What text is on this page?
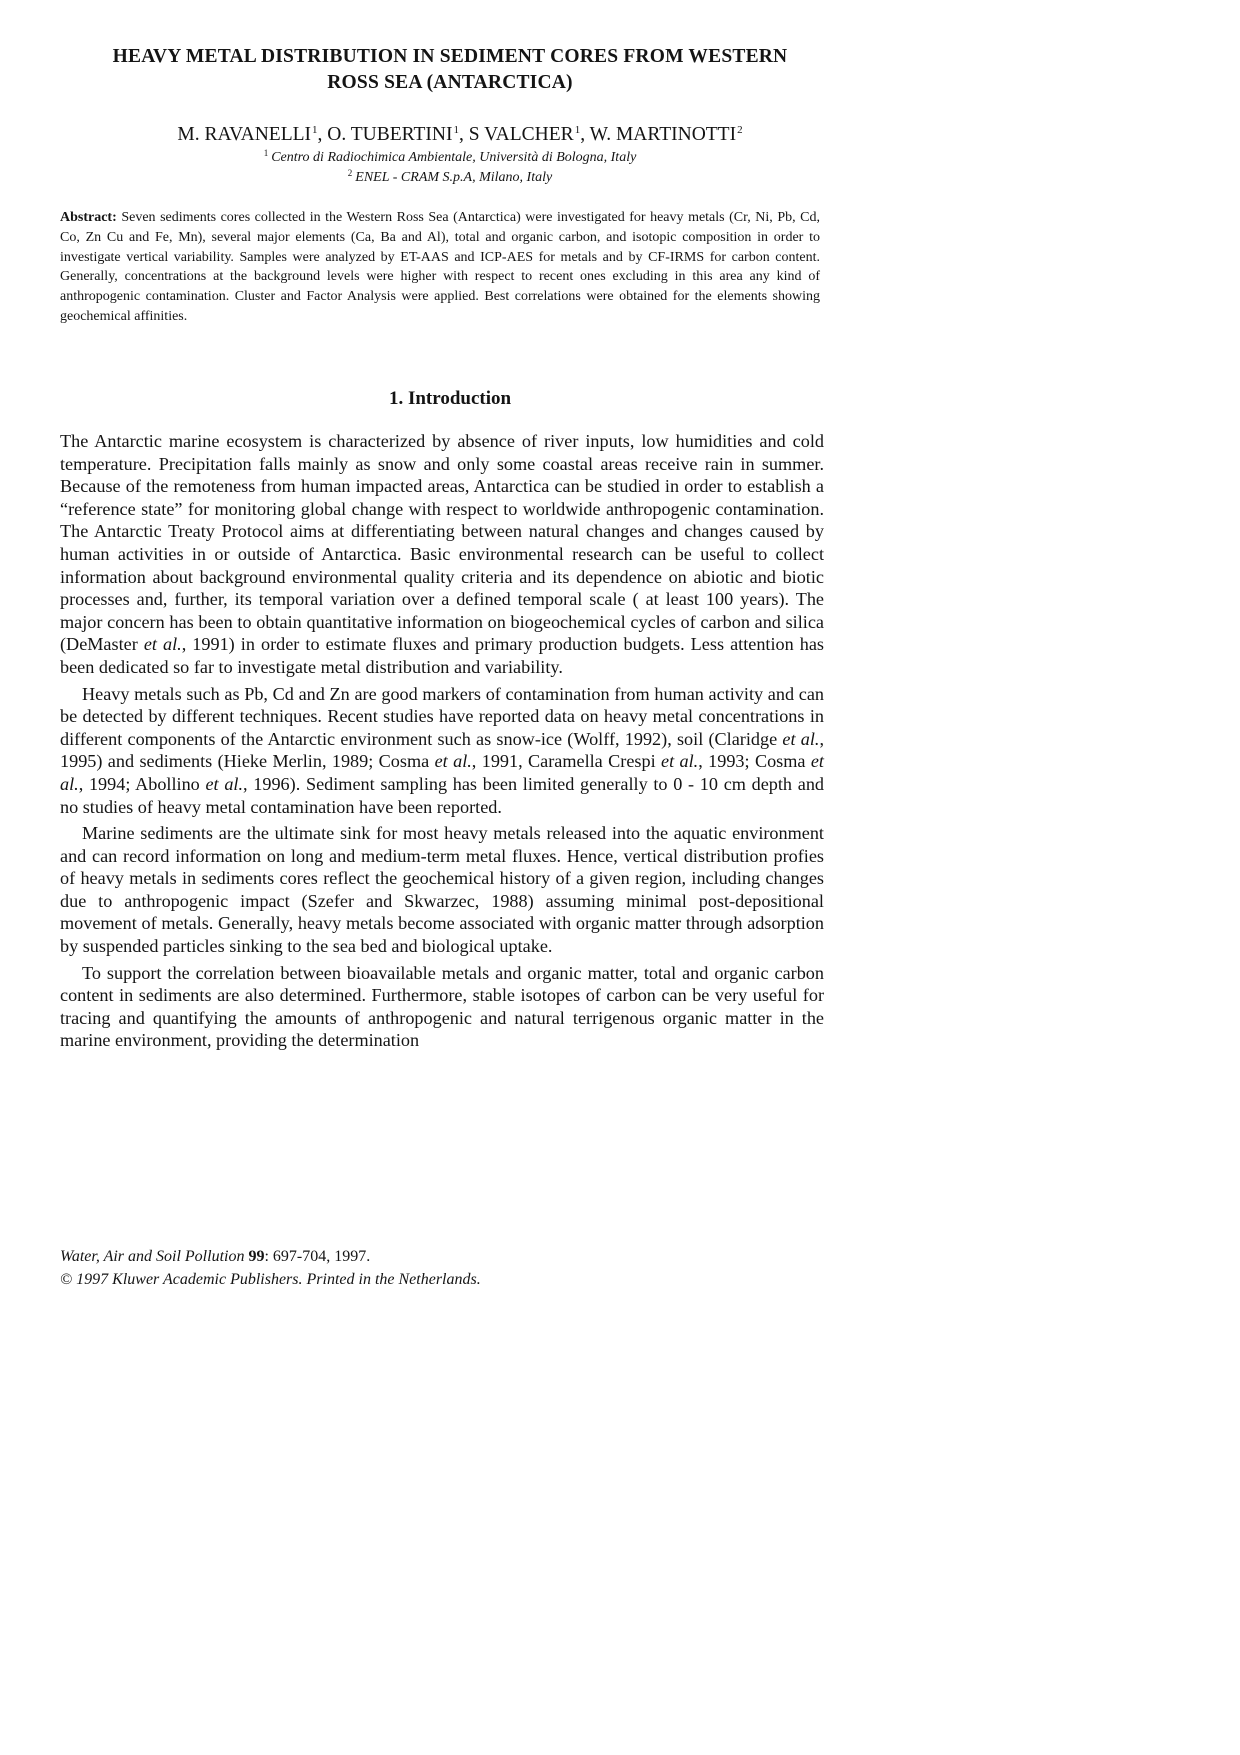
HEAVY METAL DISTRIBUTION IN SEDIMENT CORES FROM WESTERN
ROSS SEA (ANTARCTICA)
M. RAVANELLI$^1$, O. TUBERTINI$^1$, S VALCHER$^1$, W. MARTINOTTI$^2$
$^1$ Centro di Radiochimica Ambientale, Università di Bologna, Italy
$^2$ ENEL - CRAM S.p.A, Milano, Italy
Abstract: Seven sediments cores collected in the Western Ross Sea (Antarctica) were investigated for heavy metals (Cr, Ni, Pb, Cd, Co, Zn Cu and Fe, Mn), several major elements (Ca, Ba and Al), total and organic carbon, and isotopic composition in order to investigate vertical variability. Samples were analyzed by ET-AAS and ICP-AES for metals and by CF-IRMS for carbon content. Generally, concentrations at the background levels were higher with respect to recent ones excluding in this area any kind of anthropogenic contamination. Cluster and Factor Analysis were applied. Best correlations were obtained for the elements showing geochemical affinities.
1. Introduction

The Antarctic marine ecosystem is characterized by absence of river inputs, low humidities and cold temperature. Precipitation falls mainly as snow and only some coastal areas receive rain in summer. Because of the remoteness from human impacted areas, Antarctica can be studied in order to establish a “reference state” for monitoring global change with respect to worldwide anthropogenic contamination. The Antarctic Treaty Protocol aims at differentiating between natural changes and changes caused by human activities in or outside of Antarctica. Basic environmental research can be useful to collect information about background environmental quality criteria and its dependence on abiotic and biotic processes and, further, its temporal variation over a defined temporal scale ( at least 100 years). The major concern has been to obtain quantitative information on biogeochemical cycles of carbon and silica (DeMaster et al., 1991) in order to estimate fluxes and primary production budgets. Less attention has been dedicated so far to investigate metal distribution and variability.

Heavy metals such as Pb, Cd and Zn are good markers of contamination from human activity and can be detected by different techniques. Recent studies have reported data on heavy metal concentrations in different components of the Antarctic environment such as snow-ice (Wolff, 1992), soil (Claridge et al., 1995) and sediments (Hieke Merlin, 1989; Cosma et al., 1991, Caramella Crespi et al., 1993; Cosma et al., 1994; Abollino et al., 1996). Sediment sampling has been limited generally to 0 - 10 cm depth and no studies of heavy metal contamination have been reported.

Marine sediments are the ultimate sink for most heavy metals released into the aquatic environment and can record information on long and medium-term metal fluxes. Hence, vertical distribution profies of heavy metals in sediments cores reflect the geochemical history of a given region, including changes due to anthropogenic impact (Szefer and Skwarzec, 1988) assuming minimal post-depositional movement of metals. Generally, heavy metals become associated with organic matter through adsorption by suspended particles sinking to the sea bed and biological uptake.

To support the correlation between bioavailable metals and organic matter, total and organic carbon content in sediments are also determined. Furthermore, stable isotopes of carbon can be very useful for tracing and quantifying the amounts of anthropogenic and natural terrigenous organic matter in the marine environment, providing the determination

Water, Air and Soil Pollution 99: 697-704, 1997.
© 1997 Kluwer Academic Publishers. Printed in the Netherlands.
